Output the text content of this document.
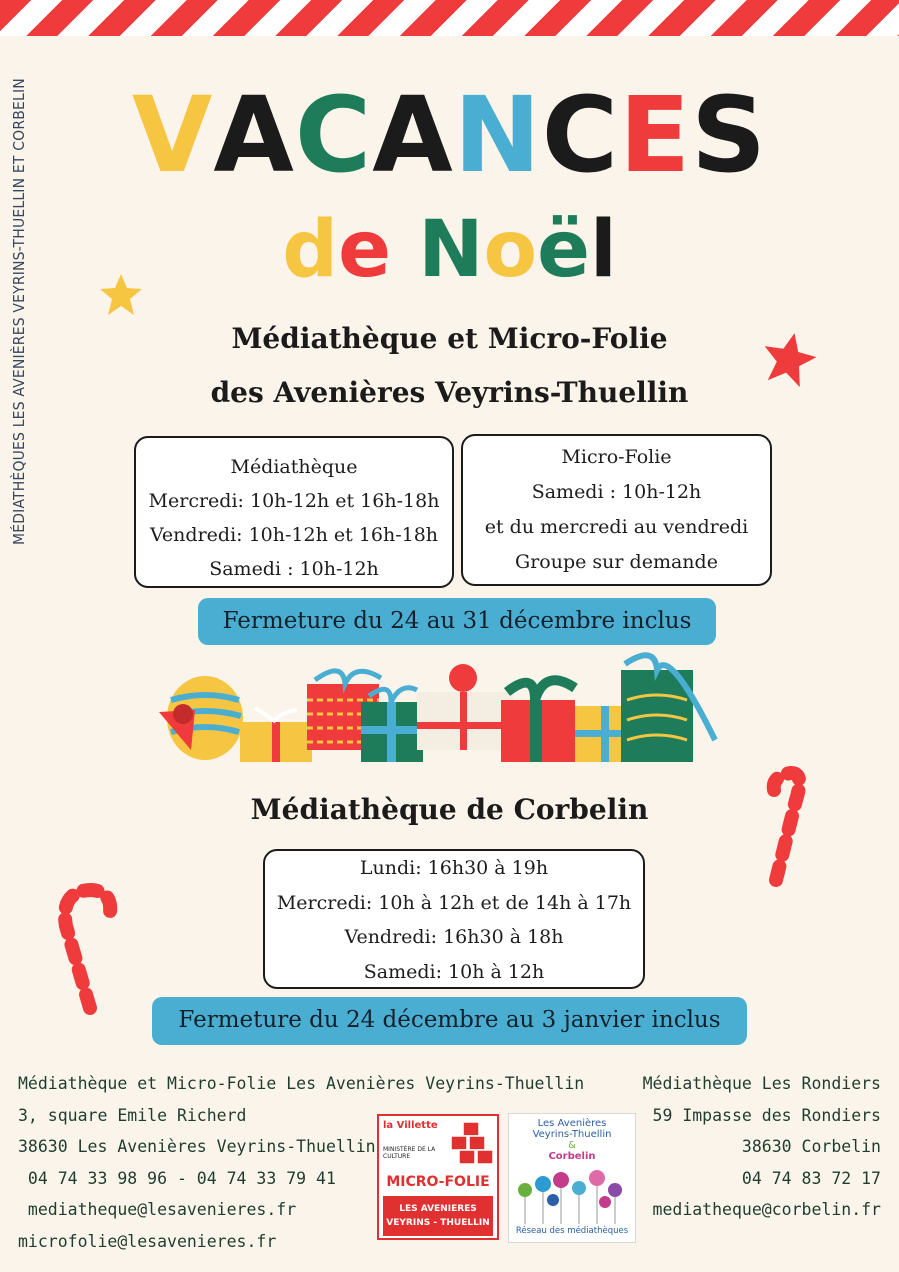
MÉDIATHÈQUES LES AVENIÈRES VEYRINS-THUELLIN ET CORBELIN VACANCES
de Noël
Médiathèque et Micro-Folie
des Avenières Veyrins-Thuellin
Médiathèque
Mercredi: 10h-12h et 16h-18h
Vendredi: 10h-12h et 16h-18h
Samedi : 10h-12h
Micro-Folie
Samedi : 10h-12h
et du mercredi au vendredi
Groupe sur demande
Fermeture du 24 au 31 décembre inclus
Médiathèque de Corbelin
Lundi: 16h30 à 19h
Mercredi: 10h à 12h et de 14h à 17h
Vendredi: 16h30 à 18h
Samedi: 10h à 12h
Fermeture du 24 décembre au 3 janvier inclus
Médiathèque et Micro-Folie Les Avenières Veyrins-Thuellin
3, square Emile Richerd
38630 Les Avenières Veyrins-Thuellin
04 74 33 98 96 - 04 74 33 79 41
mediatheque@lesavenieres.fr
microfolie@lesavenieres.fr
Médiathèque Les Rondiers
59 Impasse des Rondiers
38630 Corbelin
04 74 83 72 17
mediatheque@corbelin.fr
la Villette
MINISTÈRE DE LA CULTURE
MICRO-FOLIE
LES AVENIERES
VEYRINS - THUELLIN
Les Avenières
Veyrins-Thuellin
&
Corbelin
Réseau des médiathèques
